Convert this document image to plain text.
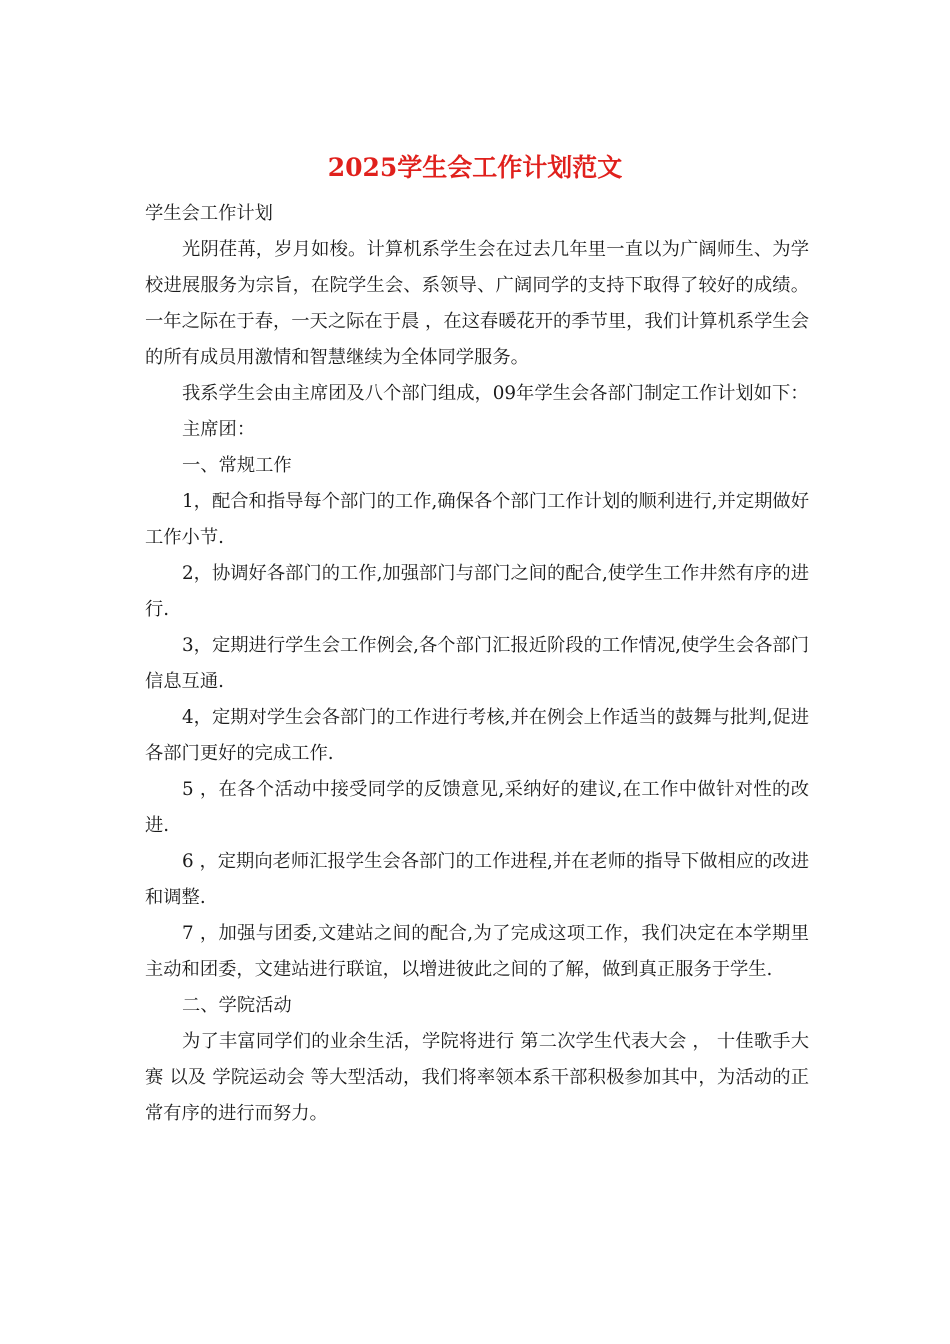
2025学生会工作计划范文

学生会工作计划

光阴荏苒，岁月如梭。计算机系学生会在过去几年里一直以为广阔师生、为学校进展服务为宗旨，在院学生会、系领导、广阔同学的支持下取得了较好的成绩。 一年之际在于春，一天之际在于晨 ，在这春暖花开的季节里，我们计算机系学生会的所有成员用激情和智慧继续为全体同学服务。

我系学生会由主席团及八个部门组成，09年学生会各部门制定工作计划如下：

主席团：

一、常规工作

1，配合和指导每个部门的工作,确保各个部门工作计划的顺利进行,并定期做好工作小节.

2，协调好各部门的工作,加强部门与部门之间的配合,使学生工作井然有序的进行.

3，定期进行学生会工作例会,各个部门汇报近阶段的工作情况,使学生会各部门信息互通.

4，定期对学生会各部门的工作进行考核,并在例会上作适当的鼓舞与批判,促进各部门更好的完成工作.

5 ，在各个活动中接受同学的反馈意见,采纳好的建议,在工作中做针对性的改进.

6 ，定期向老师汇报学生会各部门的工作进程,并在老师的指导下做相应的改进和调整.

7 ，加强与团委,文建站之间的配合,为了完成这项工作，我们决定在本学期里主动和团委，文建站进行联谊，以增进彼此之间的了解，做到真正服务于学生.

二、学院活动

为了丰富同学们的业余生活，学院将进行 第二次学生代表大会 ， 十佳歌手大赛 以及 学院运动会 等大型活动，我们将率领本系干部积极参加其中，为活动的正常有序的进行而努力。
